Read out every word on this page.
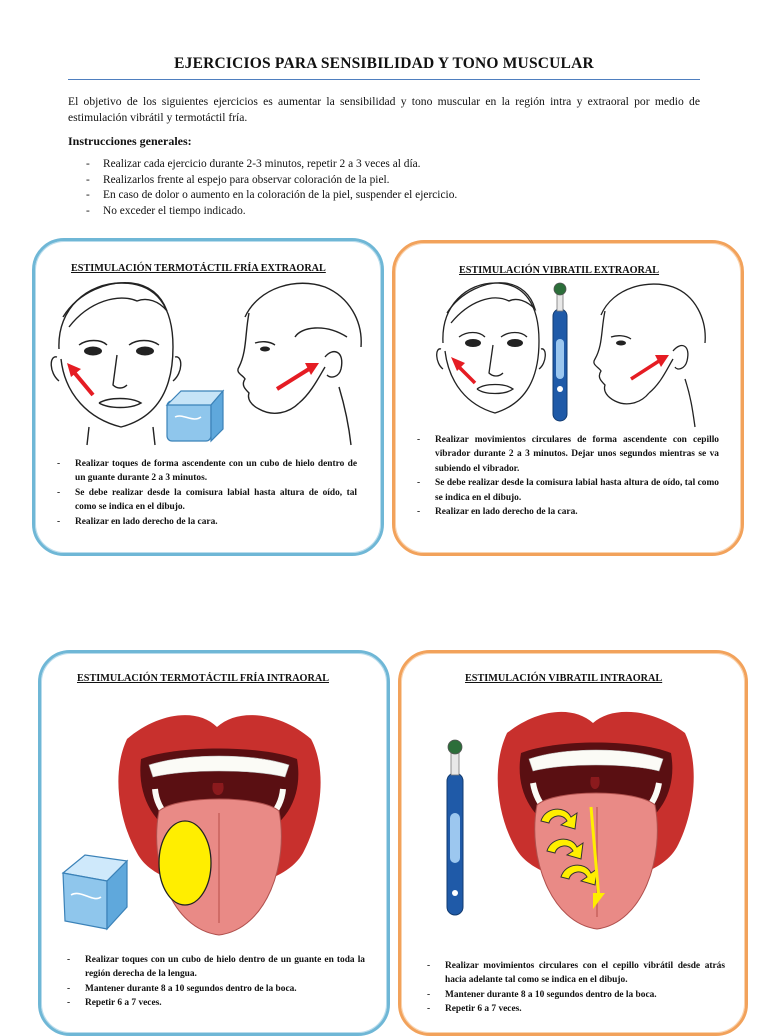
EJERCICIOS PARA SENSIBILIDAD Y TONO MUSCULAR
El objetivo de los siguientes ejercicios es aumentar la sensibilidad y tono muscular en la región intra y extraoral por medio de estimulación vibrátil y termotáctil fría.
Instrucciones generales:
-	Realizar cada ejercicio durante 2-3 minutos, repetir 2 a 3 veces al día.
-	Realizarlos frente al espejo para observar coloración de la piel.
-	En caso de dolor o aumento en la coloración de la piel, suspender el ejercicio.
-	No exceder el tiempo indicado.
ESTIMULACIÓN TERMOTÁCTIL FRÍA EXTRAORAL
-	Realizar toques de forma ascendente con un cubo de hielo dentro de un guante durante 2 a 3 minutos.
-	Se debe realizar desde la comisura labial hasta altura de oído, tal como se indica en el dibujo.
-	Realizar en lado derecho de la cara.
ESTIMULACIÓN VIBRATIL EXTRAORAL
-	Realizar movimientos circulares de forma ascendente con cepillo vibrador durante 2 a 3 minutos. Dejar unos segundos mientras se va subiendo el vibrador.
-	Se debe realizar desde la comisura labial hasta altura de oído, tal como se indica en el dibujo.
-	Realizar en lado derecho de la cara.
ESTIMULACIÓN TERMOTÁCTIL FRÍA INTRAORAL
-	Realizar toques con un cubo de hielo dentro de un guante en toda la región derecha de la lengua.
-	Mantener durante 8 a 10 segundos dentro de la boca.
-	Repetir 6 a 7 veces.
ESTIMULACIÓN VIBRATIL INTRAORAL
-	Realizar movimientos circulares con el cepillo vibrátil desde atrás hacia adelante tal como se indica en el dibujo.
-	Mantener durante 8 a 10 segundos dentro de la boca.
-	Repetir 6 a 7 veces.
